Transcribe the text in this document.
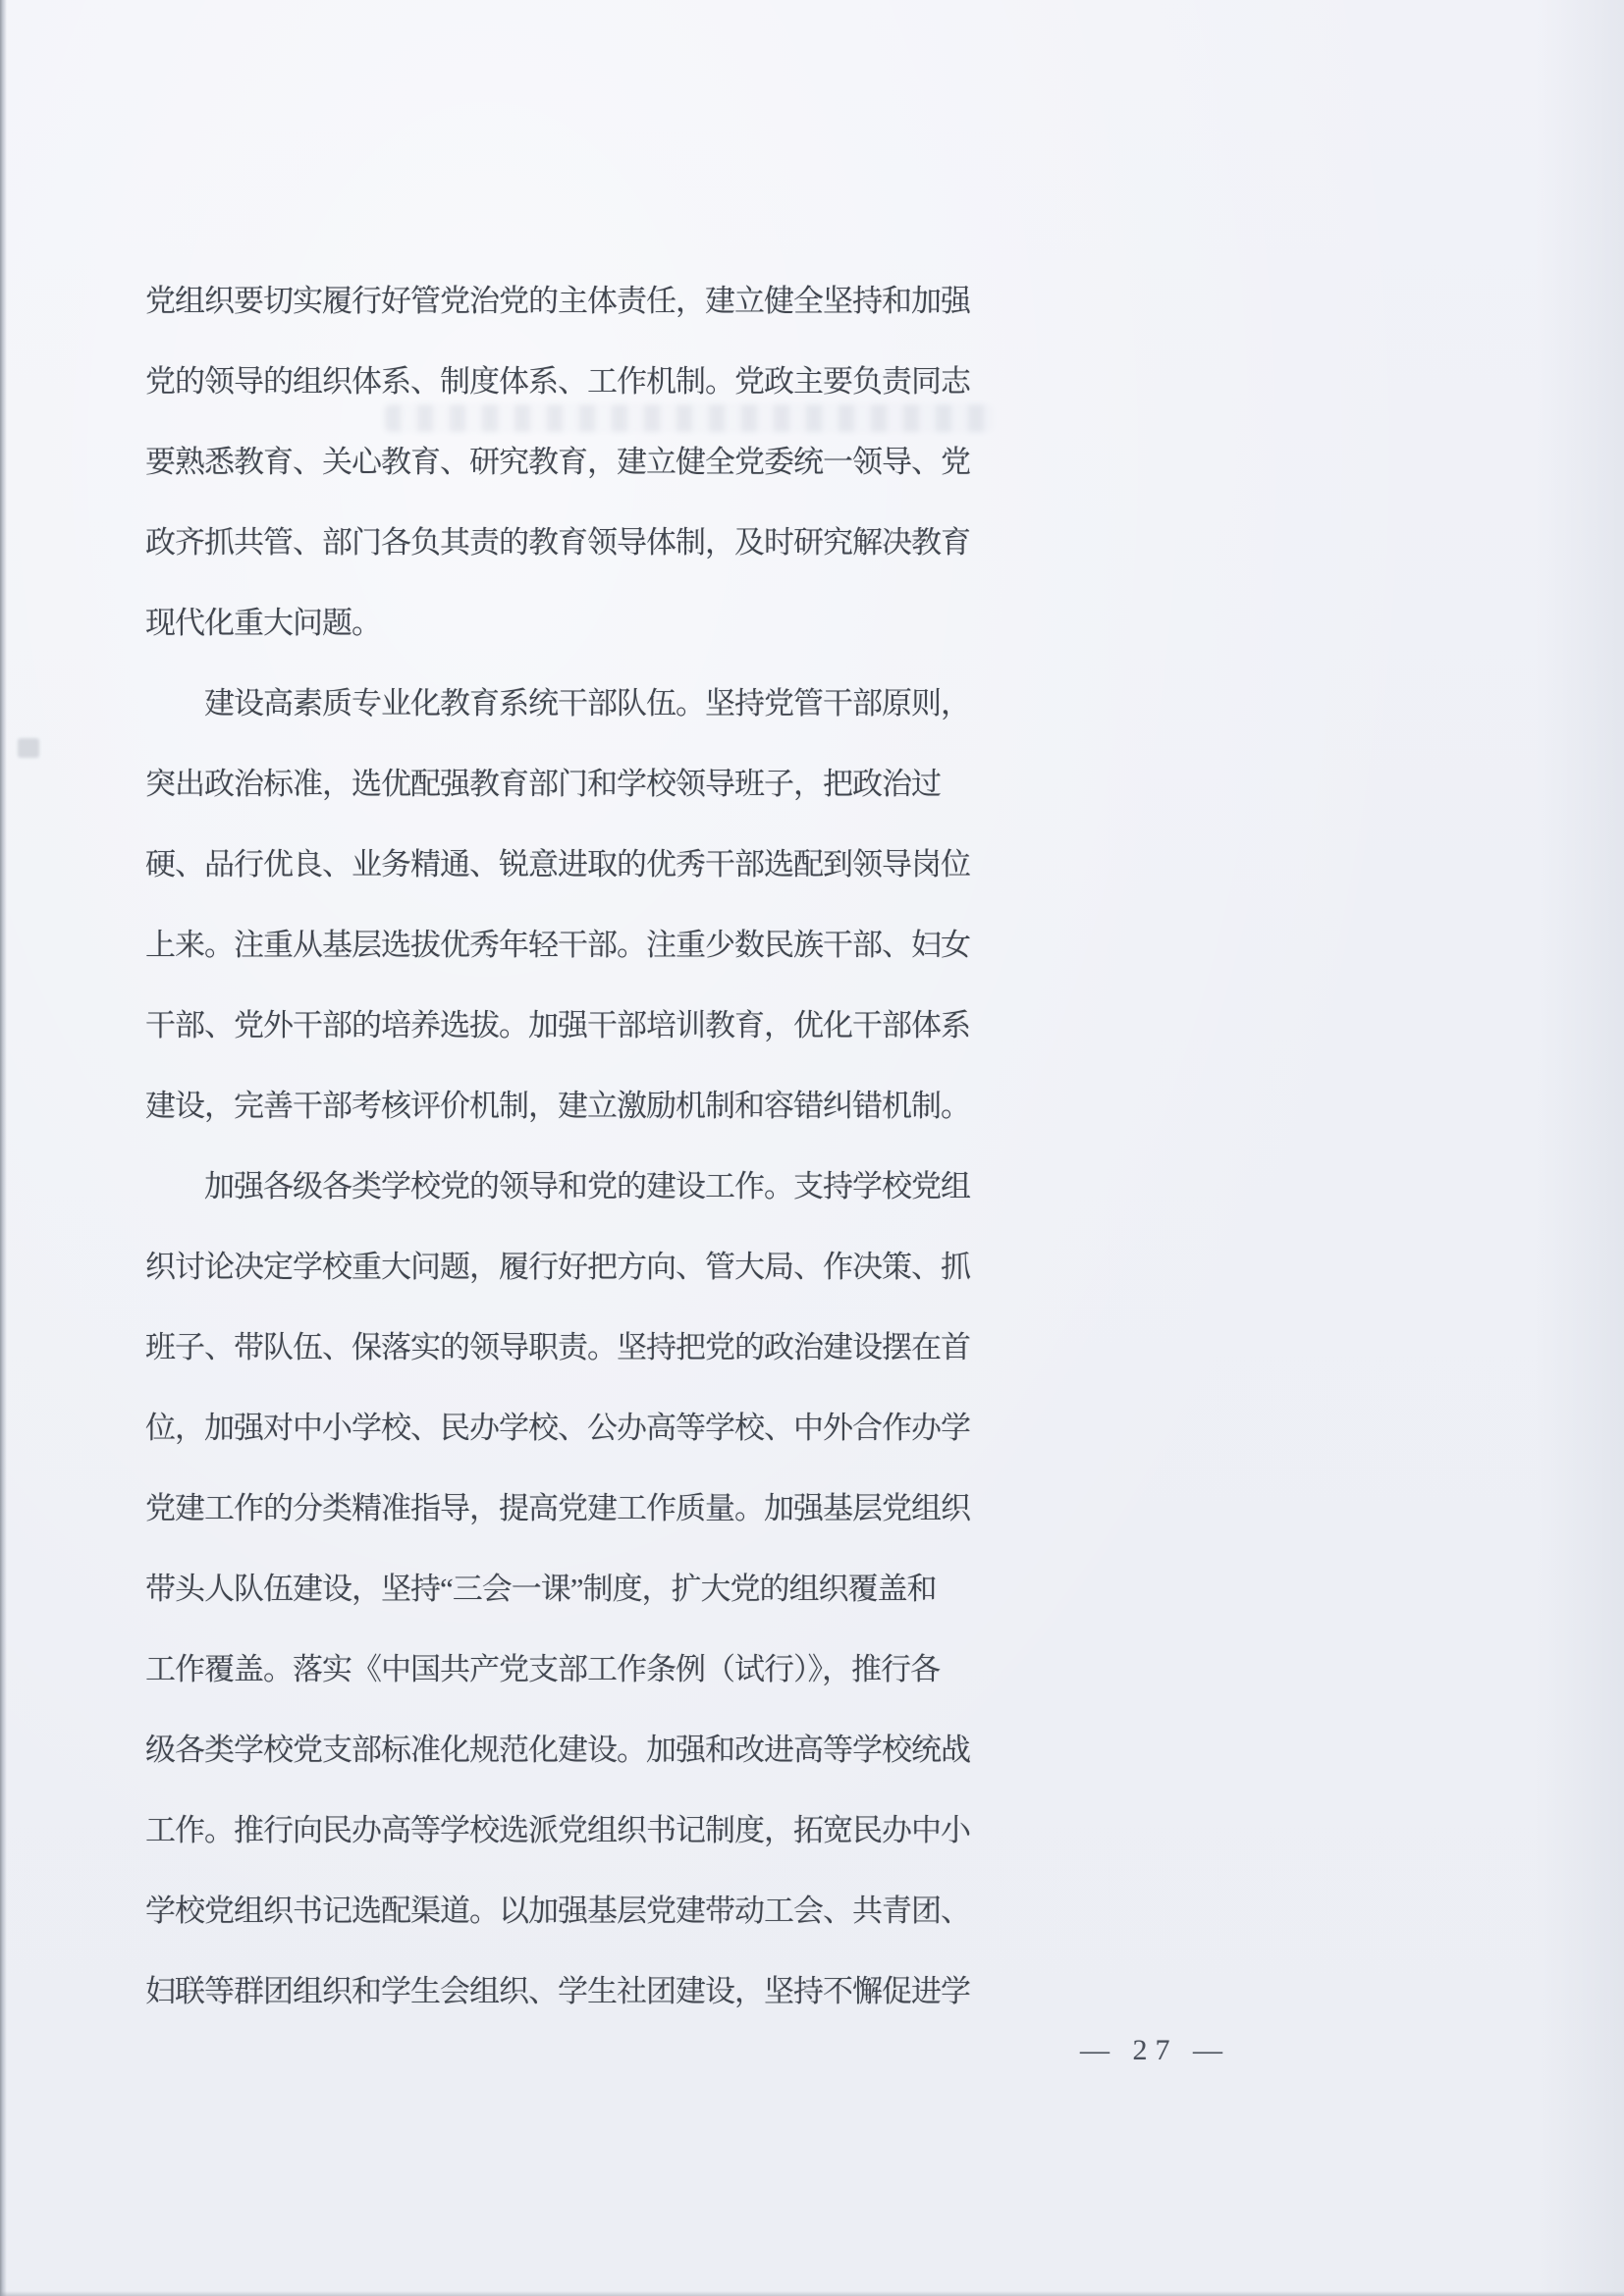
党组织要切实履行好管党治党的主体责任，建立健全坚持和加强
党的领导的组织体系、制度体系、工作机制。党政主要负责同志
要熟悉教育、关心教育、研究教育，建立健全党委统一领导、党
政齐抓共管、部门各负其责的教育领导体制，及时研究解决教育
现代化重大问题。
建设高素质专业化教育系统干部队伍。坚持党管干部原则，
突出政治标准，选优配强教育部门和学校领导班子，把政治过
硬、品行优良、业务精通、锐意进取的优秀干部选配到领导岗位
上来。注重从基层选拔优秀年轻干部。注重少数民族干部、妇女
干部、党外干部的培养选拔。加强干部培训教育，优化干部体系
建设，完善干部考核评价机制，建立激励机制和容错纠错机制。
加强各级各类学校党的领导和党的建设工作。支持学校党组
织讨论决定学校重大问题，履行好把方向、管大局、作决策、抓
班子、带队伍、保落实的领导职责。坚持把党的政治建设摆在首
位，加强对中小学校、民办学校、公办高等学校、中外合作办学
党建工作的分类精准指导，提高党建工作质量。加强基层党组织
带头人队伍建设，坚持“三会一课”制度，扩大党的组织覆盖和
工作覆盖。落实《中国共产党支部工作条例（试行）》，推行各
级各类学校党支部标准化规范化建设。加强和改进高等学校统战
工作。推行向民办高等学校选派党组织书记制度，拓宽民办中小
学校党组织书记选配渠道。以加强基层党建带动工会、共青团、
妇联等群团组织和学生会组织、学生社团建设，坚持不懈促进学
— 27 —
